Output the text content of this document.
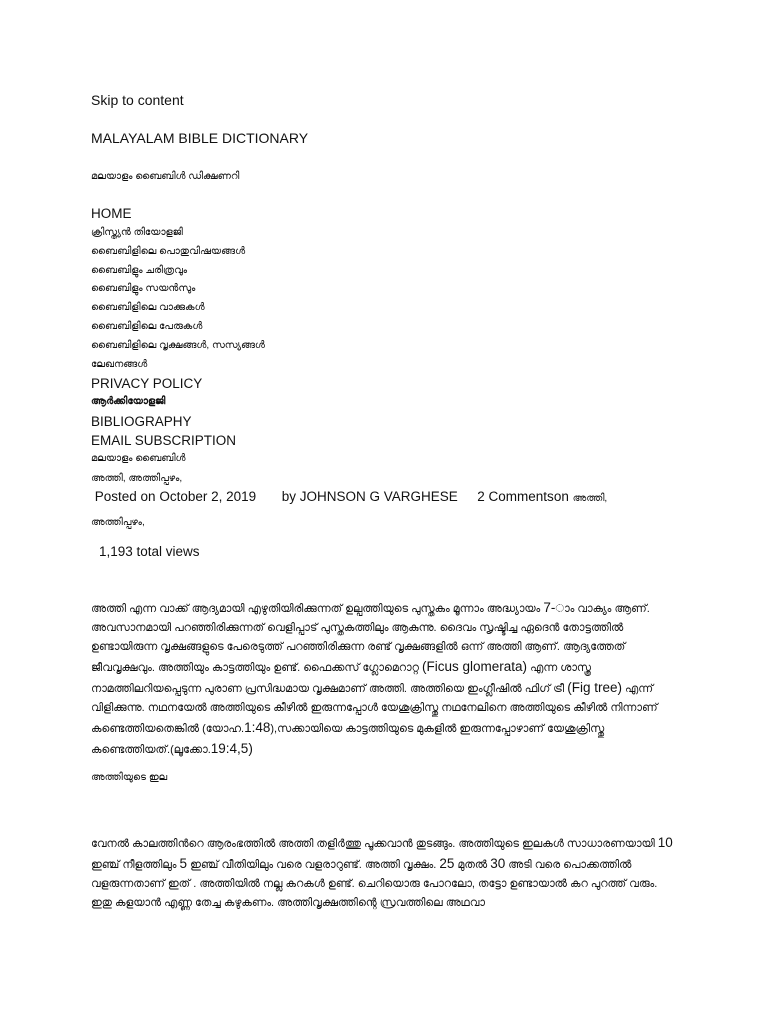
Skip to content
MALAYALAM BIBLE DICTIONARY
മലയാളം ബൈബിൾ ഡിക്ഷണറി
HOME
ക്രിസ്ത്യൻ തിയോളജി
ബൈബിളിലെ പൊതുവിഷയങ്ങൾ
ബൈബിളും ചരിത്രവും
ബൈബിളും സയൻസും
ബൈബിളിലെ വാക്കുകൾ
ബൈബിളിലെ പേരുകൾ
ബൈബിളിലെ വൃക്ഷങ്ങൾ, സസ്യങ്ങൾ
ലേഖനങ്ങൾ
PRIVACY POLICY
ആർക്കിയോളജി
BIBLIOGRAPHY
EMAIL SUBSCRIPTION
മലയാളം ബൈബിൾ
അത്തി, അത്തിപ്പഴം,
Posted on October 2, 2019 by JOHNSON G VARGHESE 2 Commentson അത്തി, അത്തിപ്പഴം,
1,193 total views

അത്തി എന്ന വാക്ക് ആദ്യമായി എഴുതിയിരിക്കുന്നത് ഉല്പത്തിയുടെ പുസ്തകം മൂന്നാം അദ്ധ്യായം 7-ാം വാക്യം ആണ്. അവസാനമായി പറഞ്ഞിരിക്കുന്നത് വെളിപ്പാട് പുസ്തകത്തിലും ആകുന്നു. ദൈവം സൃഷ്ടിച്ച ഏദെൻ തോട്ടത്തിൽ ഉണ്ടായിരുന്ന വൃക്ഷങ്ങളുടെ പേരെടുത്ത് പറഞ്ഞിരിക്കുന്ന രണ്ട് വൃക്ഷങ്ങളിൽ ഒന്ന് അത്തി ആണ്. ആദ്യത്തേത് ജീവവൃക്ഷവും. അത്തിയും കാട്ടത്തിയും ഉണ്ട്. ഫൈക്കസ് ഗ്ലോമെറാറ്റ (Ficus glomerata) എന്ന ശാസ്ത്ര നാമത്തിലറിയപ്പെടുന്ന പുരാണ പ്രസിദ്ധമായ വൃക്ഷമാണ് അത്തി. അത്തിയെ ഇംഗ്ലീഷിൽ ഫിഗ് ട്രീ (Fig tree) എന്ന് വിളിക്കുന്നു. നഥനയേൽ അത്തിയുടെ കീഴിൽ ഇരുന്നപ്പോൾ യേശുക്രിസ്തു നഥനേലിനെ അത്തിയുടെ കീഴിൽ നിന്നാണ് കണ്ടെത്തിയതെങ്കിൽ (യോഹ.1:48),സക്കായിയെ കാട്ടത്തിയുടെ മുകളിൽ ഇരുന്നപ്പോഴാണ് യേശുക്രിസ്തു കണ്ടെത്തിയത്.(ലൂക്കോ.19:4,5)

അത്തിയുടെ ഇല

വേനൽ കാലത്തിൻറെ ആരംഭത്തിൽ അത്തി തളിർത്തു പൂക്കവാൻ തുടങ്ങും. അത്തിയുടെ ഇലകൾ സാധാരണയായി 10 ഇഞ്ച് നീളത്തിലും 5 ഇഞ്ച് വീതിയിലും വരെ വളരാറുണ്ട്. അത്തി വൃക്ഷം. 25 മുതൽ 30 അടി വരെ പൊക്കത്തിൽ വളരുന്നതാണ് ഇത് . അത്തിയിൽ നല്ല കറകൾ ഉണ്ട്. ചെറിയൊരു പോറലോ, തട്ടോ ഉണ്ടായാൽ കറ പുറത്ത് വരും. ഇതു കളയാൻ എണ്ണ തേച്ച കഴുകണം. അത്തിവൃക്ഷത്തിന്റെ സ്രവത്തിലെ അഥവാ
